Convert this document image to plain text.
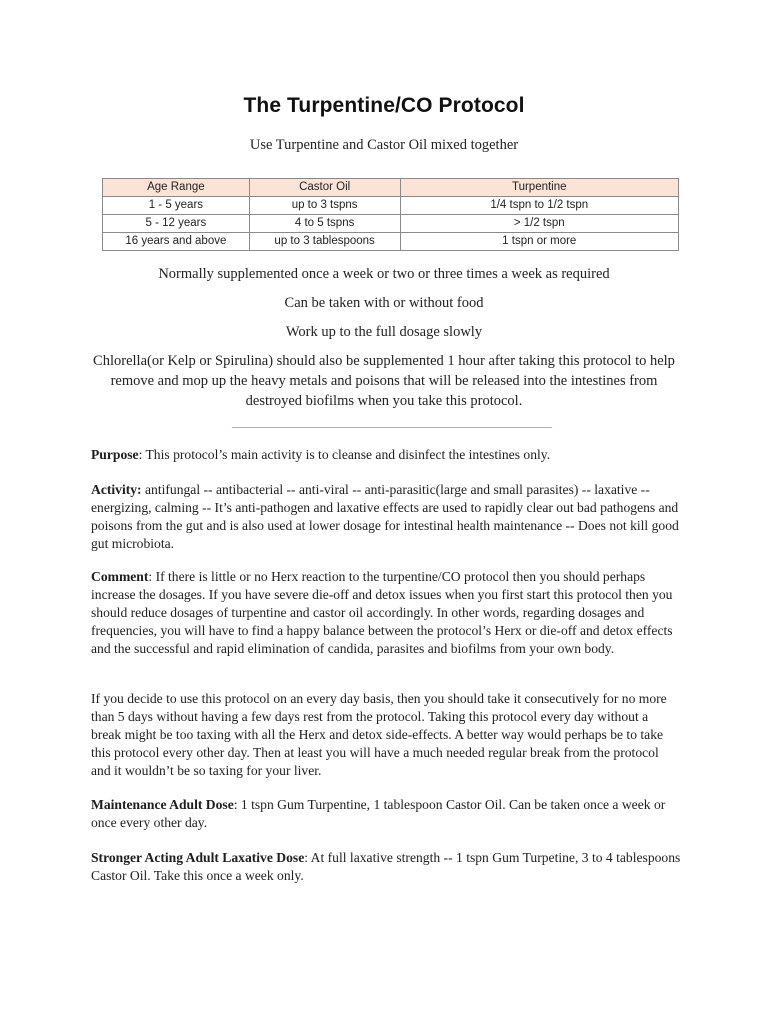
The Turpentine/CO Protocol
Use Turpentine and Castor Oil mixed together
Age Range	Castor Oil	Turpentine
1 - 5 years	up to 3 tspns	1/4 tspn to 1/2 tspn
5 - 12 years	4 to 5 tspns	> 1/2 tspn
16 years and above	up to 3 tablespoons	1 tspn or more
Normally supplemented once a week or two or three times a week as required
Can be taken with or without food
Work up to the full dosage slowly
Chlorella(or Kelp or Spirulina) should also be supplemented 1 hour after taking this protocol to help remove and mop up the heavy metals and poisons that will be released into the intestines from destroyed biofilms when you take this protocol.
Purpose: This protocol’s main activity is to cleanse and disinfect the intestines only.
Activity: antifungal -- antibacterial -- anti-viral -- anti-parasitic(large and small parasites) -- laxative -- energizing, calming -- It’s anti-pathogen and laxative effects are used to rapidly clear out bad pathogens and poisons from the gut and is also used at lower dosage for intestinal health maintenance -- Does not kill good gut microbiota.
Comment: If there is little or no Herx reaction to the turpentine/CO protocol then you should perhaps increase the dosages. If you have severe die-off and detox issues when you first start this protocol then you should reduce dosages of turpentine and castor oil accordingly. In other words, regarding dosages and frequencies, you will have to find a happy balance between the protocol’s Herx or die-off and detox effects and the successful and rapid elimination of candida, parasites and biofilms from your own body.
If you decide to use this protocol on an every day basis, then you should take it consecutively for no more than 5 days without having a few days rest from the protocol. Taking this protocol every day without a break might be too taxing with all the Herx and detox side-effects. A better way would perhaps be to take this protocol every other day. Then at least you will have a much needed regular break from the protocol and it wouldn’t be so taxing for your liver.
Maintenance Adult Dose: 1 tspn Gum Turpentine, 1 tablespoon Castor Oil. Can be taken once a week or once every other day.
Stronger Acting Adult Laxative Dose: At full laxative strength -- 1 tspn Gum Turpetine, 3 to 4 tablespoons Castor Oil. Take this once a week only.
